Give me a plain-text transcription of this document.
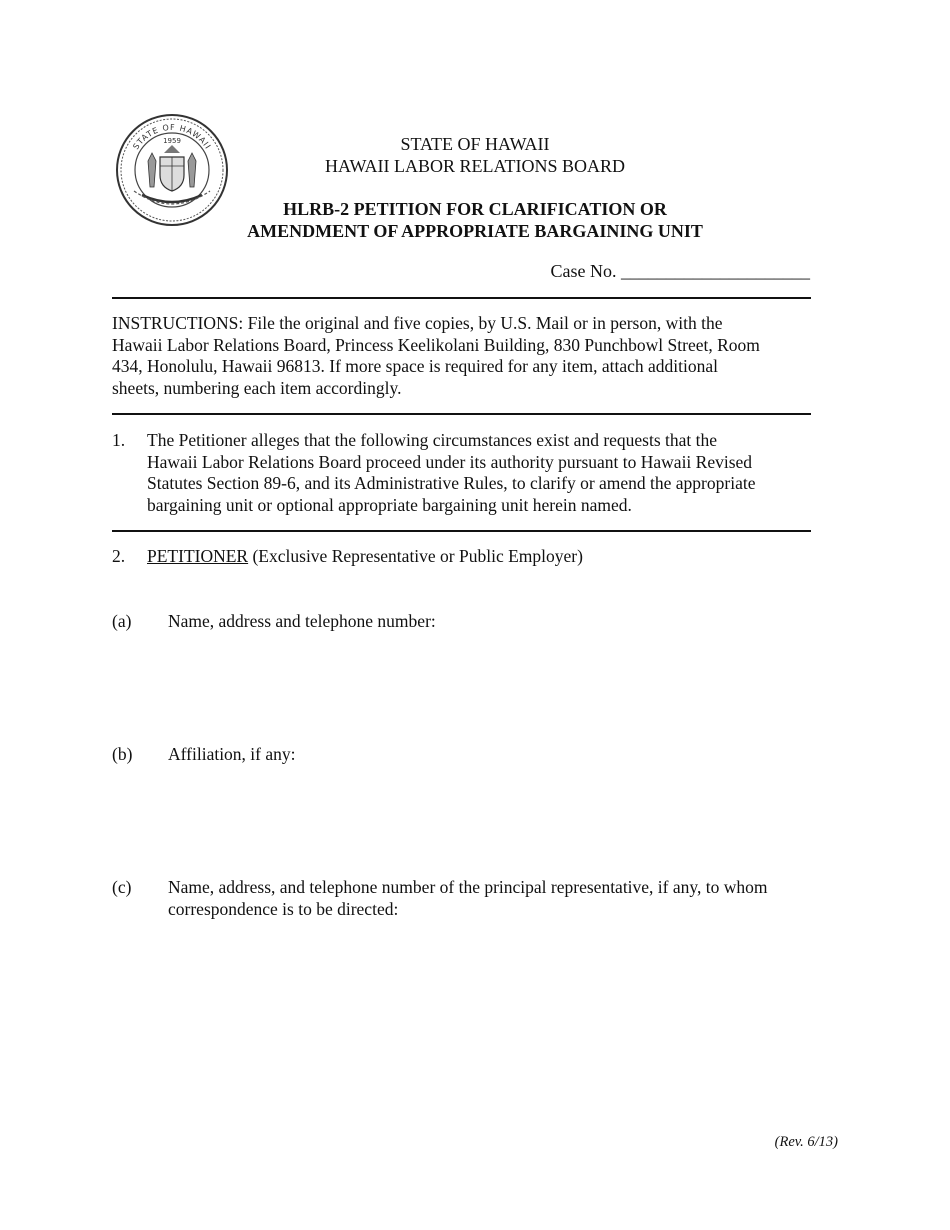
STATE OF HAWAII
1959	STATE OF HAWAII
HAWAII LABOR RELATIONS BOARD
HLRB-2 PETITION FOR CLARIFICATION OR
AMENDMENT OF APPROPRIATE BARGAINING UNIT
Case No. _____________________
INSTRUCTIONS: File the original and five copies, by U.S. Mail or in person, with the
Hawaii Labor Relations Board, Princess Keelikolani Building, 830 Punchbowl Street, Room
434, Honolulu, Hawaii 96813. If more space is required for any item, attach additional
sheets, numbering each item accordingly.
1. The Petitioner alleges that the following circumstances exist and requests that the
Hawaii Labor Relations Board proceed under its authority pursuant to Hawaii Revised
Statutes Section 89-6, and its Administrative Rules, to clarify or amend the appropriate
bargaining unit or optional appropriate bargaining unit herein named.
2. PETITIONER (Exclusive Representative or Public Employer)
(a) Name, address and telephone number:
(b) Affiliation, if any:
(c) Name, address, and telephone number of the principal representative, if any, to whom
correspondence is to be directed:
(Rev. 6/13)
